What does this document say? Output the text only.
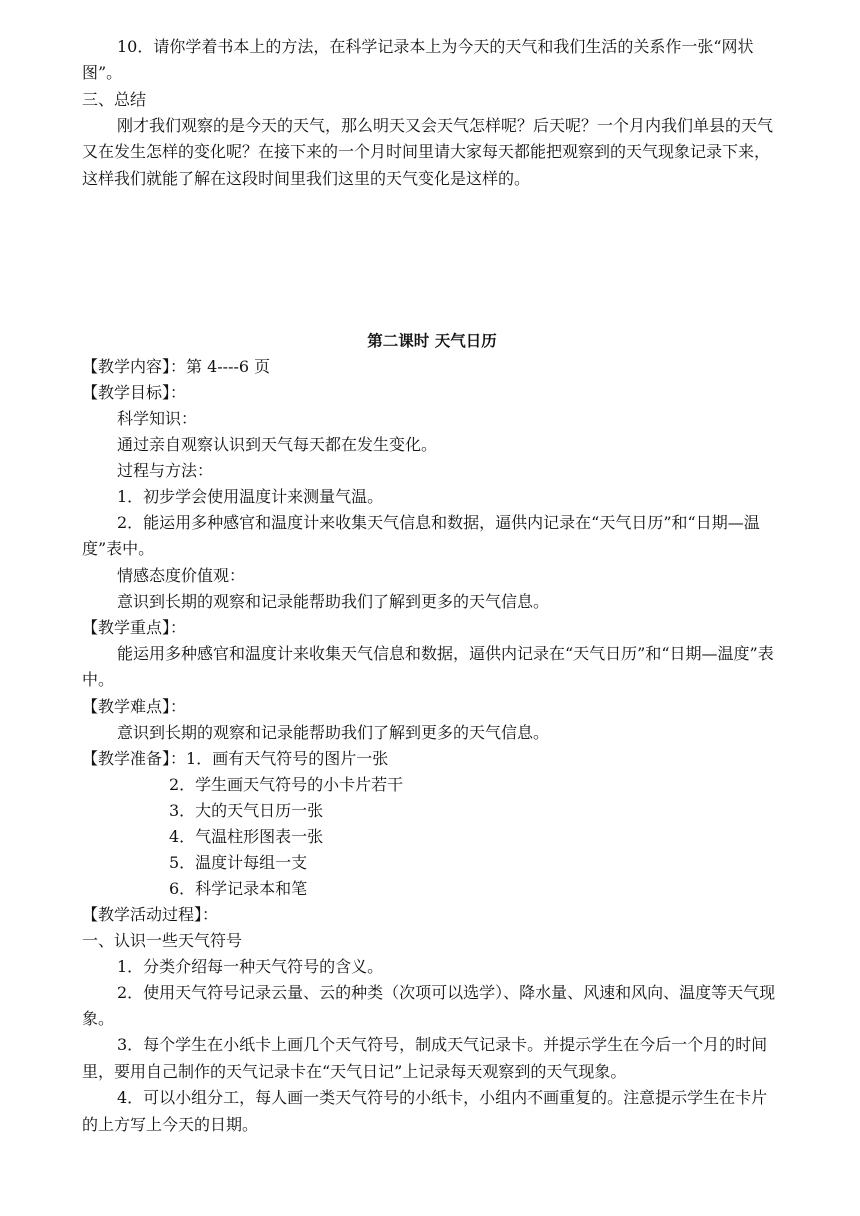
10．请你学着书本上的方法，在科学记录本上为今天的天气和我们生活的关系作一张“网状图”。
三、总结
刚才我们观察的是今天的天气，那么明天又会天气怎样呢？后天呢？一个月内我们单县的天气又在发生怎样的变化呢？在接下来的一个月时间里请大家每天都能把观察到的天气现象记录下来，这样我们就能了解在这段时间里我们这里的天气变化是这样的。
第二课时 天气日历
【教学内容】：第 4----6 页
【教学目标】：
科学知识：
通过亲自观察认识到天气每天都在发生变化。
过程与方法：
1．初步学会使用温度计来测量气温。
2．能运用多种感官和温度计来收集天气信息和数据，逼供内记录在“天气日历”和“日期—温度”表中。
情感态度价值观：
意识到长期的观察和记录能帮助我们了解到更多的天气信息。
【教学重点】：
能运用多种感官和温度计来收集天气信息和数据，逼供内记录在“天气日历”和“日期—温度”表中。
【教学难点】：
意识到长期的观察和记录能帮助我们了解到更多的天气信息。
【教学准备】：1．画有天气符号的图片一张
2．学生画天气符号的小卡片若干
3．大的天气日历一张
4．气温柱形图表一张
5．温度计每组一支
6．科学记录本和笔
【教学活动过程】：
一、认识一些天气符号
1．分类介绍每一种天气符号的含义。
2．使用天气符号记录云量、云的种类（次项可以选学）、降水量、风速和风向、温度等天气现象。
3．每个学生在小纸卡上画几个天气符号，制成天气记录卡。并提示学生在今后一个月的时间里，要用自己制作的天气记录卡在“天气日记”上记录每天观察到的天气现象。
4．可以小组分工，每人画一类天气符号的小纸卡，小组内不画重复的。注意提示学生在卡片的上方写上今天的日期。
